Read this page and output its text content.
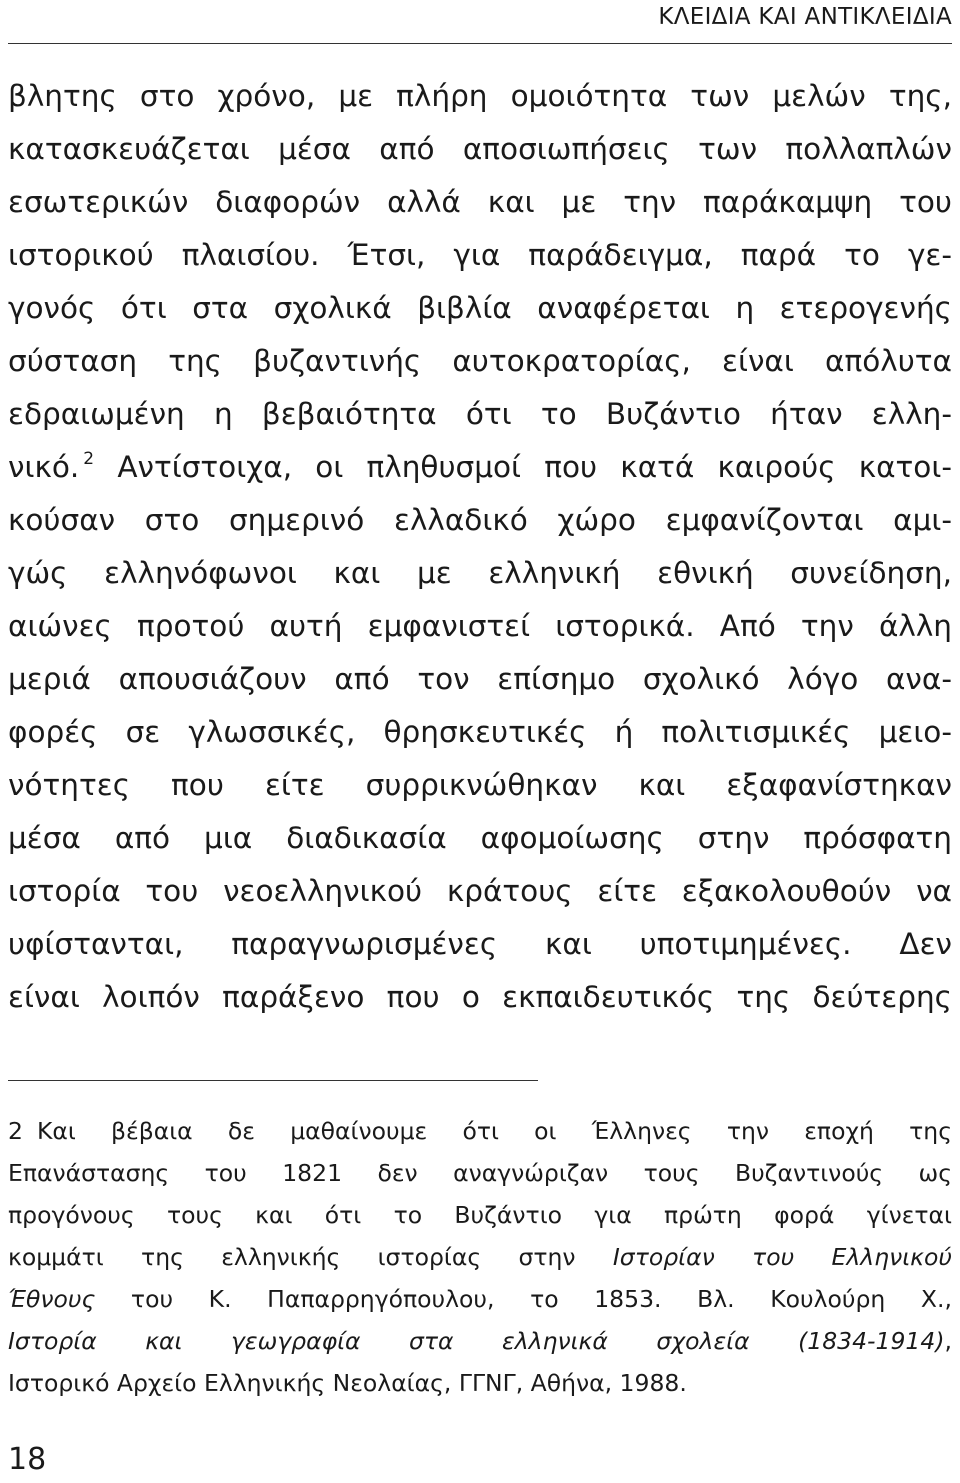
ΚΛΕΙΔΙΑ ΚΑΙ ΑΝΤΙΚΛΕΙΔΙΑ
βλητης στο χρόνο, με πλήρη ομοιότητα των μελών της,
κατασκευάζεται μέσα από αποσιωπήσεις των πολλαπλών
εσωτερικών διαφορών αλλά και με την παράκαμψη του
ιστορικού πλαισίου. Έτσι, για παράδειγμα, παρά το γε-
γονός ότι στα σχολικά βιβλία αναφέρεται η ετερογενής
σύσταση της βυζαντινής αυτοκρατορίας, είναι απόλυτα
εδραιωμένη η βεβαιότητα ότι το Βυζάντιο ήταν ελλη-
νικό. $^2$ Αντίστοιχα, οι πληθυσμοί που κατά καιρούς κατοι-
κούσαν στο σημερινό ελλαδικό χώρο εμφανίζονται αμι-
γώς ελληνόφωνοι και με ελληνική εθνική συνείδηση,
αιώνες προτού αυτή εμφανιστεί ιστορικά. Από την άλλη
μεριά απουσιάζουν από τον επίσημο σχολικό λόγο ανα-
φορές σε γλωσσικές, θρησκευτικές ή πολιτισμικές μειο-
νότητες που είτε συρρικνώθηκαν και εξαφανίστηκαν
μέσα από μια διαδικασία αφομοίωσης στην πρόσφατη
ιστορία του νεοελληνικού κράτους είτε εξακολουθούν να
υφίστανται, παραγνωρισμένες και υποτιμημένες. Δεν
είναι λοιπόν παράξενο που ο εκπαιδευτικός της δεύτερης
2 Και βέβαια δε μαθαίνουμε ότι οι Έλληνες την εποχή της
Επανάστασης του 1821 δεν αναγνώριζαν τους Βυζαντινούς ως
προγόνους τους και ότι το Βυζάντιο για πρώτη φορά γίνεται
κομμάτι της ελληνικής ιστορίας στην Ιστορίαν του Ελληνικού
Έθνους του Κ. Παπαρρηγόπουλου, το 1853. Βλ. Κουλούρη Χ.,
Ιστορία και γεωγραφία στα ελληνικά σχολεία (1834-1914),
Ιστορικό Αρχείο Ελληνικής Νεολαίας, ΓΓΝΓ, Αθήνα, 1988.
18
